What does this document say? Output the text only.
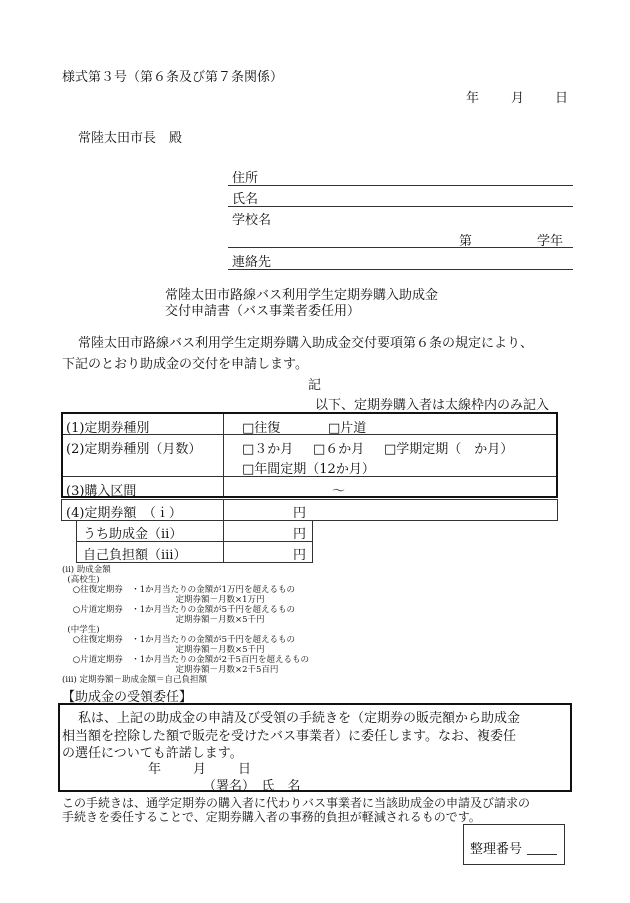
様式第３号（第６条及び第７条関係）
年 月 日
常陸太田市長　殿
住所
氏名
学校名
第	学年
連絡先
常陸太田市路線バス利用学生定期券購入助成金
交付申請書（バス事業者委任用）
常陸太田市路線バス利用学生定期券購入助成金交付要項第６条の規定により、
下記のとおり助成金の交付を申請します。
記
以下、定期券購入者は太線枠内のみ記入
(1)定期券種別	□往復	□片道
(2)定期券種別（月数）	□３か月 □６か月 □学期定期（　か月）
□年間定期（12か月）
(3)購入区間	～
(4)定期券額　（ｉ）	円
うち助成金（ⅱ）	円
自己負担額（ⅲ）	円
(ⅱ) 助成金額
(高校生)
○往復定期券　・1か月当たりの金額が1万円を超えるもの
定期券額－月数×1万円
○片道定期券　・1か月当たりの金額が5千円を超えるもの
定期券額－月数×5千円
(中学生)
○往復定期券　・1か月当たりの金額が5千円を超えるもの
定期券額－月数×5千円
○片道定期券　・1か月当たりの金額が2千5百円を超えるもの
定期券額－月数×2千5百円
(ⅲ) 定期券額－助成金額＝自己負担額
【助成金の受領委任】
私は、上記の助成金の申請及び受領の手続きを（定期券の販売額から助成金
相当額を控除した額で販売を受けたバス事業者）に委任します。なお、複委任
の選任についても許諾します。
年 月 日
（署名）　氏　名
この手続きは、通学定期券の購入者に代わりバス事業者に当該助成金の申請及び請求の
手続きを委任することで、定期券購入者の事務的負担が軽減されるものです。
整理番号
